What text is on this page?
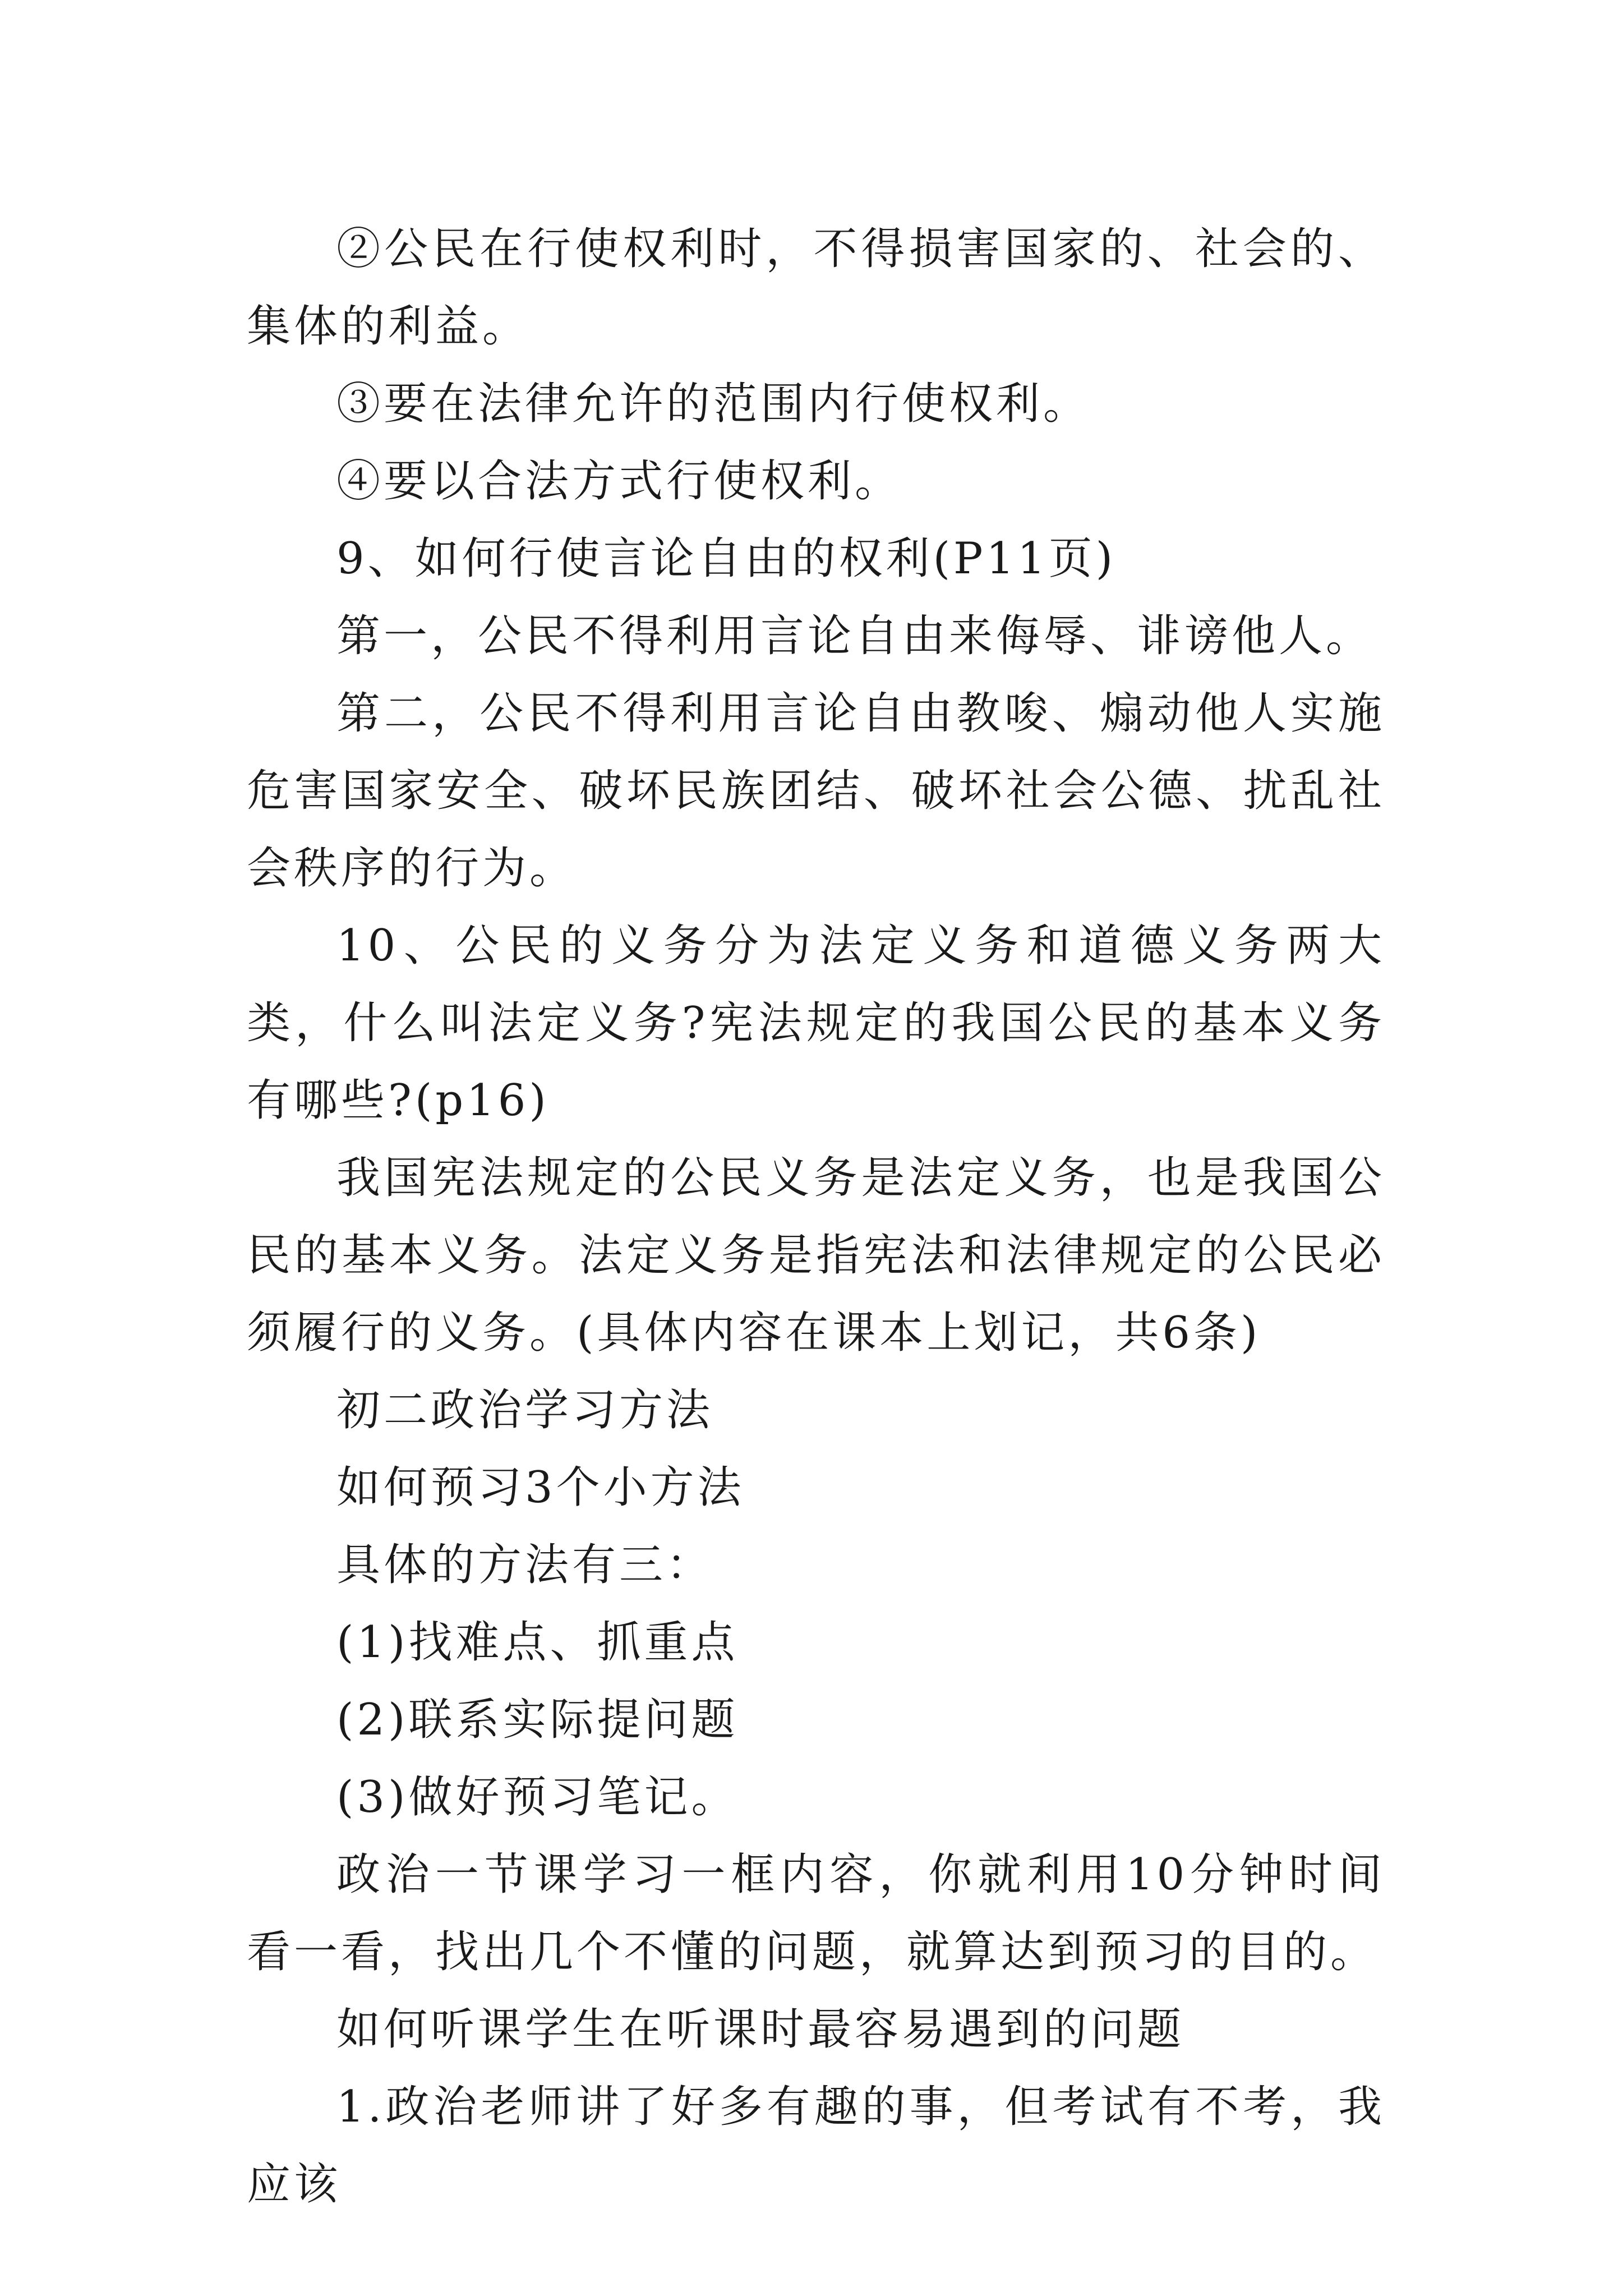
②公民在行使权利时，不得损害国家的、社会的、集体的利益。

③要在法律允许的范围内行使权利。

④要以合法方式行使权利。

9、如何行使言论自由的权利(P11页)

第一，公民不得利用言论自由来侮辱、诽谤他人。

第二，公民不得利用言论自由教唆、煽动他人实施危害国家安全、破坏民族团结、破坏社会公德、扰乱社会秩序的行为。

10、公民的义务分为法定义务和道德义务两大类，什么叫法定义务?宪法规定的我国公民的基本义务有哪些?(p16)

我国宪法规定的公民义务是法定义务，也是我国公民的基本义务。法定义务是指宪法和法律规定的公民必须履行的义务。(具体内容在课本上划记，共6条)

初二政治学习方法

如何预习3个小方法

具体的方法有三：

(1)找难点、抓重点

(2)联系实际提问题

(3)做好预习笔记。

政治一节课学习一框内容，你就利用10分钟时间看一看，找出几个不懂的问题，就算达到预习的目的。

如何听课学生在听课时最容易遇到的问题

1.政治老师讲了好多有趣的事，但考试有不考，我应该
